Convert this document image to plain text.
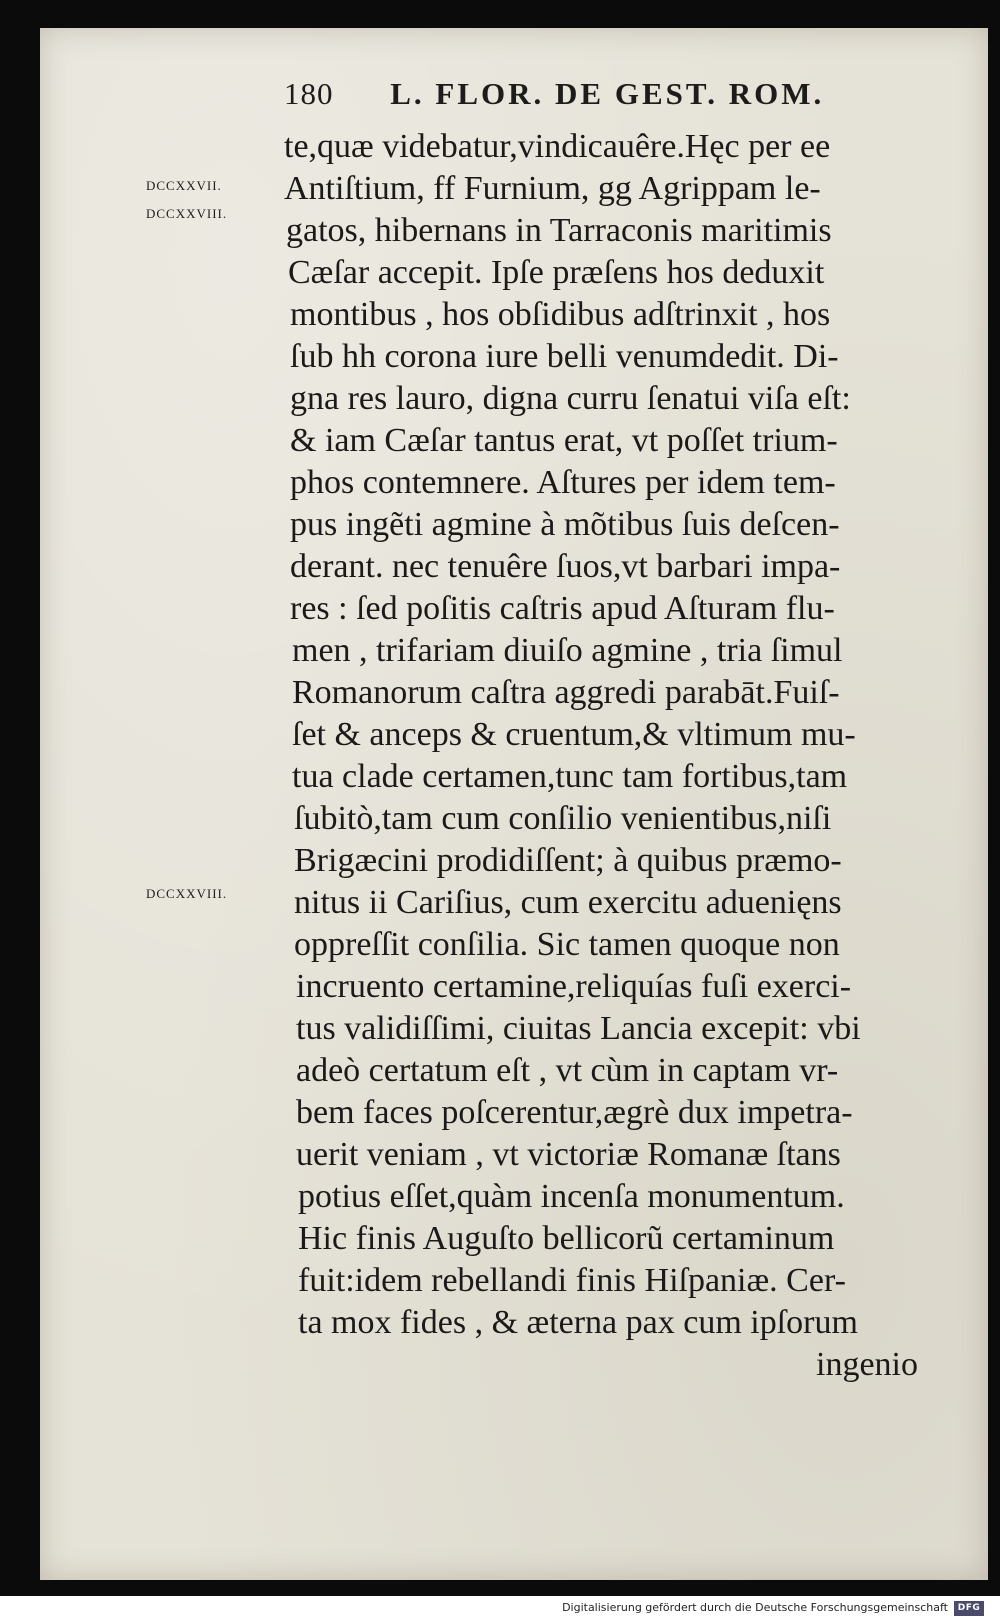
180 L. FLOR. DE GEST. ROM.
DCCXXVII.
DCCXXVIII.
DCCXXVIII.
te,quæ videbatur,vindicauêre.Hęc per ee
Antiſtium, ff Furnium, gg Agrippam le-
gatos, hibernans in Tarraconis maritimis
Cæſar accepit. Ipſe præſens hos deduxit
montibus , hos obſidibus adſtrinxit , hos
ſub hh corona iure belli venumdedit. Di-
gna res lauro, digna curru ſenatui viſa eſt:
& iam Cæſar tantus erat, vt poſſet trium-
phos contemnere. Aſtures per idem tem-
pus ingẽti agmine à mõtibus ſuis deſcen-
derant. nec tenuêre ſuos,vt barbari impa-
res : ſed poſitis caſtris apud Aſturam flu-
men , trifariam diuiſo agmine , tria ſimul
Romanorum caſtra aggredi parabāt.Fuiſ-
ſet & anceps & cruentum,& vltimum mu-
tua clade certamen,tunc tam fortibus,tam
ſubitò,tam cum conſilio venientibus,niſi
Brigæcini prodidiſſent; à quibus præmo-
nitus ii Cariſius, cum exercitu aduenięns
oppreſſit conſilia. Sic tamen quoque non
incruento certamine,reliquías fuſi exerci-
tus validiſſimi, ciuitas Lancia excepit: vbi
adeò certatum eſt , vt cùm in captam vr-
bem faces poſcerentur,ægrè dux impetra-
uerit veniam , vt victoriæ Romanæ ſtans
potius eſſet,quàm incenſa monumentum.
Hic finis Auguſto bellicorũ certaminum
fuit:idem rebellandi finis Hiſpaniæ. Cer-
ta mox fides , & æterna pax cum ipſorum
ingenio
Digitalisierung gefördert durch die Deutsche Forschungsgemeinschaft	DFG
